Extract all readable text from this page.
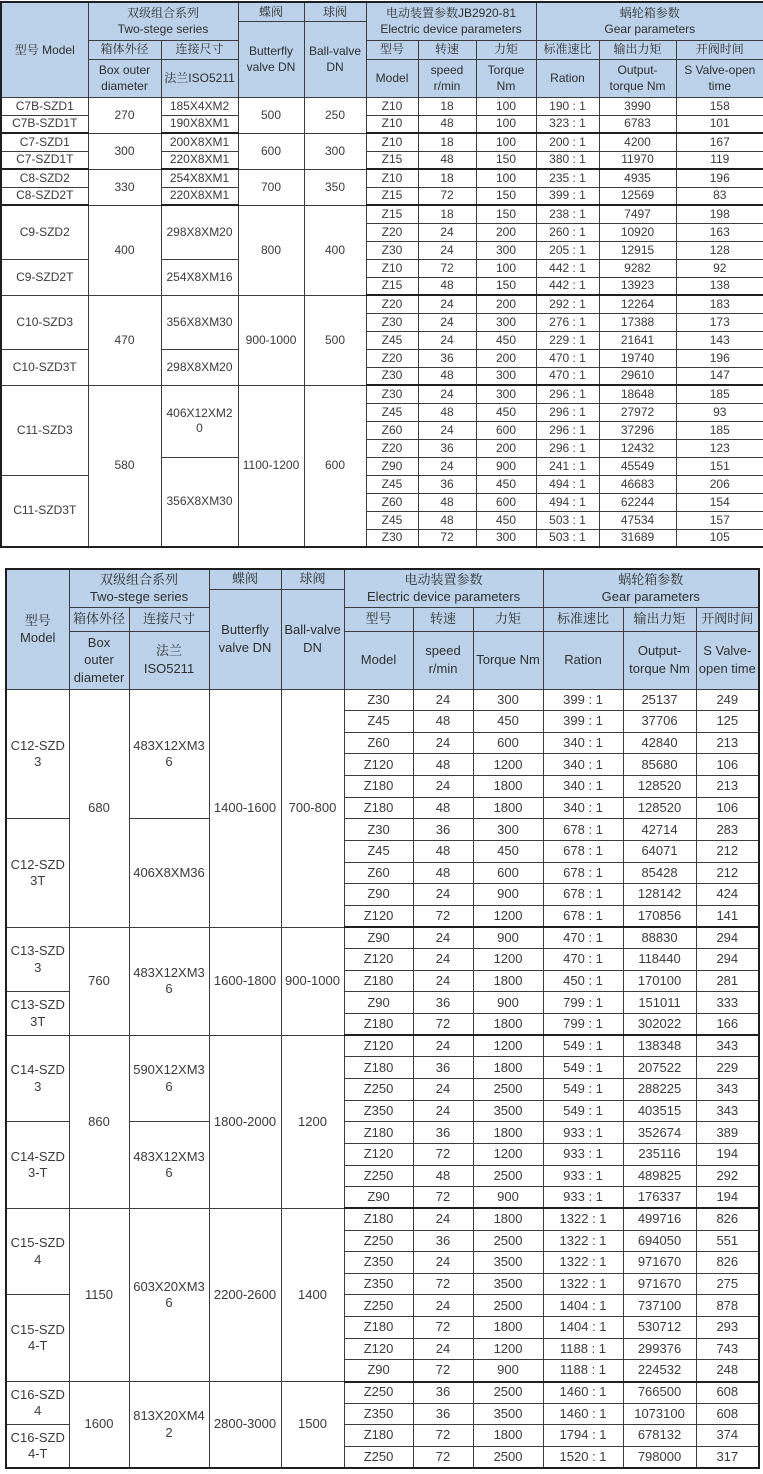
型号 Model	双级组合系列
Two-stege series		蝶阀	球阀	电动装置参数JB2920-81
Electric device parameters			蜗轮箱参数
Gear parameters		

			Butterfly valve DN	Ball-valve DN						
	箱体外径	连接尺寸			型号	转速	力矩	标准速比	输出力矩	开阀时间
	Box outer diameter	法兰ISO5211			Model	speed r/min	Torque Nm	Ration	Output-torque Nm	S Valve-open time
C7B-SZD1	270	185X4XM2	500	250	Z10	18	100	190 : 1	3990	158
C7B-SZD1T		190X8XM1			Z10	48	100	323 : 1	6783	101
C7-SZD1	300	200X8XM1	600	300	Z10	18	100	200 : 1	4200	167
C7-SZD1T		220X8XM1			Z15	48	150	380 : 1	11970	119
C8-SZD2	330	254X8XM1	700	350	Z10	18	100	235 : 1	4935	196
C8-SZD2T		220X8XM1			Z15	72	150	399 : 1	12569	83
C9-SZD2	400	298X8XM20	800	400	Z15	18	150	238 : 1	7497	198
					Z20	24	200	260 : 1	10920	163
					Z30	24	300	205 : 1	12915	128
C9-SZD2T		254X8XM16			Z10	72	100	442 : 1	9282	92
					Z15	48	150	442 : 1	13923	138
C10-SZD3	470	356X8XM30	900-1000	500	Z20	24	200	292 : 1	12264	183
					Z30	24	300	276 : 1	17388	173
					Z45	24	450	229 : 1	21641	143
C10-SZD3T		298X8XM20			Z20	36	200	470 : 1	19740	196
					Z30	48	300	470 : 1	29610	147
C11-SZD3	580	406X12XM20	1100-1200	600	Z30	24	300	296 : 1	18648	185
					Z45	48	450	296 : 1	27972	93
					Z60	24	600	296 : 1	37296	185
					Z20	36	200	296 : 1	12432	123
		356X8XM30			Z90	24	900	241 : 1	45549	151
C11-SZD3T					Z45	36	450	494 : 1	46683	206
					Z60	48	600	494 : 1	62244	154
					Z45	48	450	503 : 1	47534	157
					Z30	72	300	503 : 1	31689	105
型号 Model	双级组合系列
Two-stege series		蝶阀	球阀	电动装置参数
Electric device parameters			蜗轮箱参数
Gear parameters		

			Butterfly valve DN	Ball-valve DN						
	箱体外径	连接尺寸			型号	转速	力矩	标准速比	输出力矩	开阀时间
	Box outer diameter	法兰ISO5211			Model	speed r/min	Torque Nm	Ration	Output- torque Nm	S Valve- open time
C12-SZD3	680	483X12XM36	1400-1600	700-800	Z30	24	300	399 : 1	25137	249
					Z45	48	450	399 : 1	37706	125
					Z60	24	600	340 : 1	42840	213
					Z120	48	1200	340 : 1	85680	106
					Z180	24	1800	340 : 1	128520	213
					Z180	48	1800	340 : 1	128520	106
C12-SZD3T		406X8XM36			Z30	36	300	678 : 1	42714	283
					Z45	48	450	678 : 1	64071	212
					Z60	48	600	678 : 1	85428	212
					Z90	24	900	678 : 1	128142	424
					Z120	72	1200	678 : 1	170856	141
C13-SZD3	760	483X12XM36	1600-1800	900-1000	Z90	24	900	470 : 1	88830	294
					Z120	24	1200	470 : 1	118440	294
					Z180	24	1800	450 : 1	170100	281
C13-SZD3T					Z90	36	900	799 : 1	151011	333
					Z180	72	1800	799 : 1	302022	166
C14-SZD3	860	590X12XM36	1800-2000	1200	Z120	24	1200	549 : 1	138348	343
					Z180	36	1800	549 : 1	207522	229
					Z250	24	2500	549 : 1	288225	343
					Z350	24	3500	549 : 1	403515	343
C14-SZD3-T		483X12XM36			Z180	36	1800	933 : 1	352674	389
					Z120	72	1200	933 : 1	235116	194
					Z250	48	2500	933 : 1	489825	292
					Z90	72	900	933 : 1	176337	194
C15-SZD4	1150	603X20XM36	2200-2600	1400	Z180	24	1800	1322 : 1	499716	826
					Z250	36	2500	1322 : 1	694050	551
					Z350	24	3500	1322 : 1	971670	826
					Z350	72	3500	1322 : 1	971670	275
C15-SZD4-T					Z250	24	2500	1404 : 1	737100	878
					Z180	72	1800	1404 : 1	530712	293
					Z120	24	1200	1188 : 1	299376	743
					Z90	72	900	1188 : 1	224532	248
C16-SZD4	1600	813X20XM42	2800-3000	1500	Z250	36	2500	1460 : 1	766500	608
					Z350	36	3500	1460 : 1	1073100	608
C16-SZD4-T					Z180	72	1800	1794 : 1	678132	374
					Z250	72	2500	1520 : 1	798000	317
